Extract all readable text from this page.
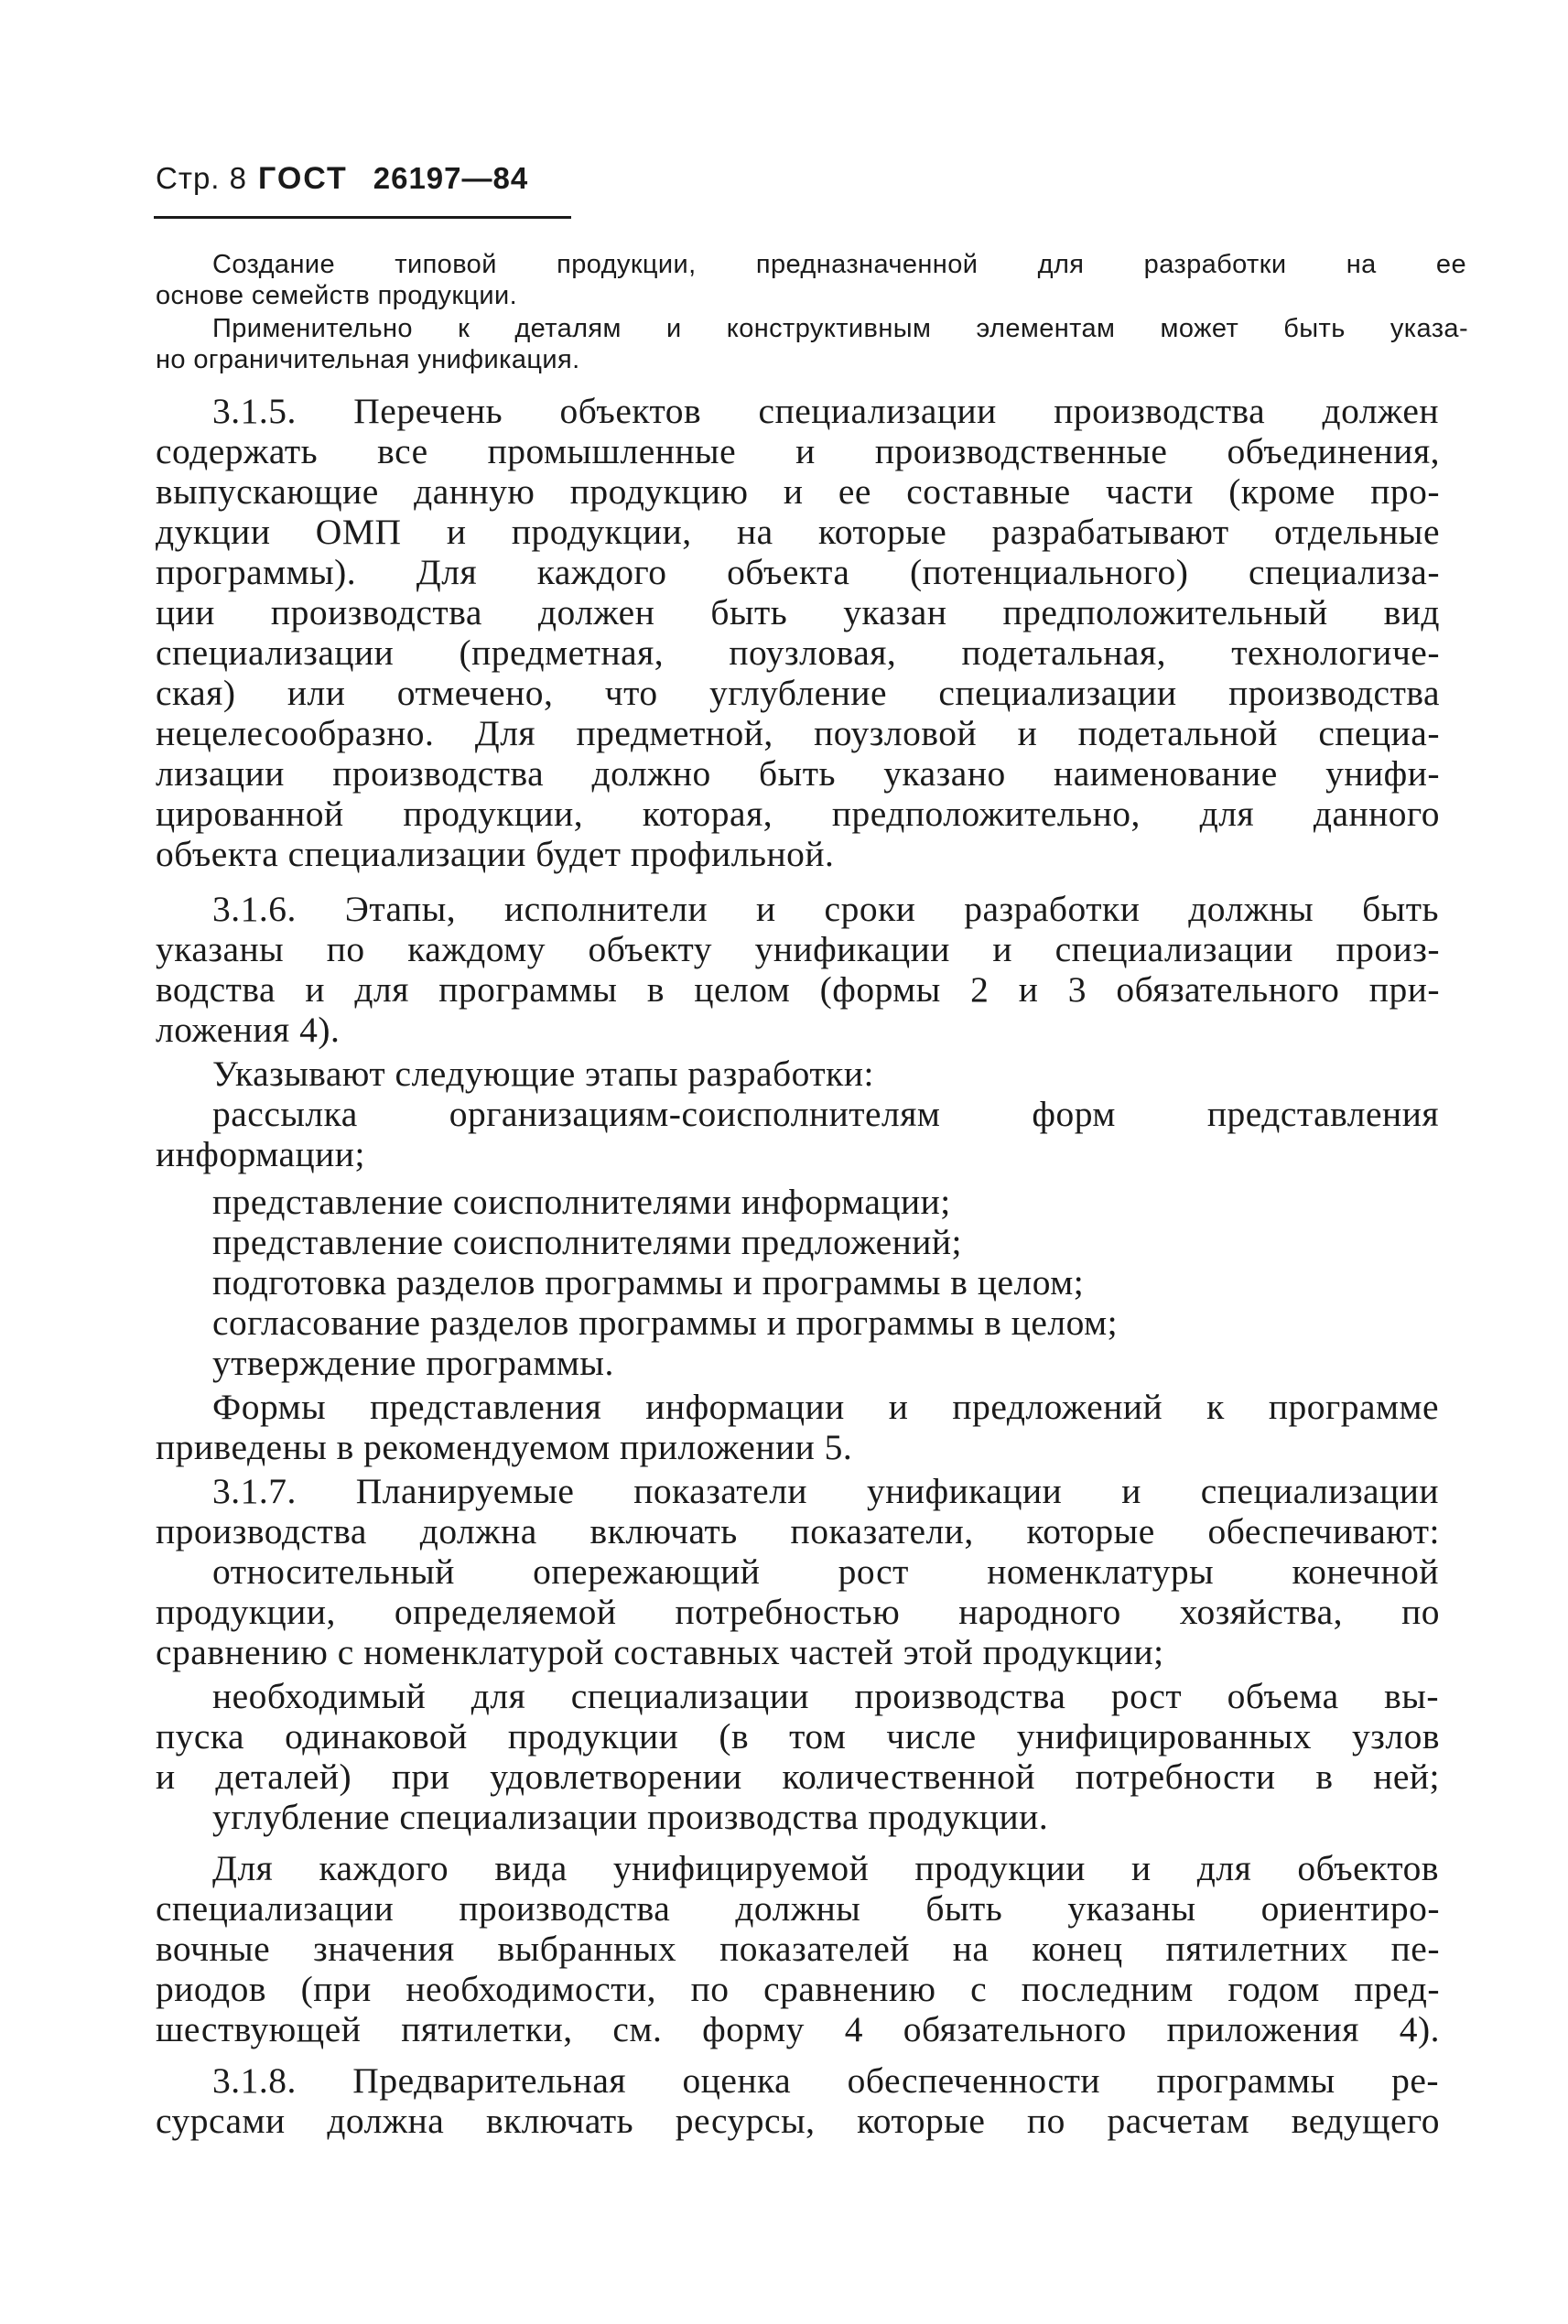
Стр. 8 ГОСТ 26197—84
Создание типовой продукции, предназначенной для разработки на ее
основе семейств продукции.
Применительно к деталям и конструктивным элементам может быть указа-
но ограничительная унификация.
3.1.5. Перечень объектов специализации производства должен
содержать все промышленные и производственные объединения,
выпускающие данную продукцию и ее составные части (кроме про-
дукции ОМП и продукции, на которые разрабатывают отдельные
программы). Для каждого объекта (потенциального) специализа-
ции производства должен быть указан предположительный вид
специализации (предметная, поузловая, подетальная, технологиче-
ская) или отмечено, что углубление специализации производства
нецелесообразно. Для предметной, поузловой и подетальной специа-
лизации производства должно быть указано наименование унифи-
цированной продукции, которая, предположительно, для данного
объекта специализации будет профильной.
3.1.6. Этапы, исполнители и сроки разработки должны быть
указаны по каждому объекту унификации и специализации произ-
водства и для программы в целом (формы 2 и 3 обязательного при-
ложения 4).
Указывают следующие этапы разработки:
рассылка организациям-соисполнителям форм представления
информации;
представление соисполнителями информации;
представление соисполнителями предложений;
подготовка разделов программы и программы в целом;
согласование разделов программы и программы в целом;
утверждение программы.
Формы представления информации и предложений к программе
приведены в рекомендуемом приложении 5.
3.1.7. Планируемые показатели унификации и специализации
производства должна включать показатели, которые обеспечивают:
относительный опережающий рост номенклатуры конечной
продукции, определяемой потребностью народного хозяйства, по
сравнению с номенклатурой составных частей этой продукции;
необходимый для специализации производства рост объема вы-
пуска одинаковой продукции (в том числе унифицированных узлов
и деталей) при удовлетворении количественной потребности в ней;
углубление специализации производства продукции.
Для каждого вида унифицируемой продукции и для объектов
специализации производства должны быть указаны ориентиро-
вочные значения выбранных показателей на конец пятилетних пе-
риодов (при необходимости, по сравнению с последним годом пред-
шествующей пятилетки, см. форму 4 обязательного приложения 4).
3.1.8. Предварительная оценка обеспеченности программы ре-
сурсами должна включать ресурсы, которые по расчетам ведущего
